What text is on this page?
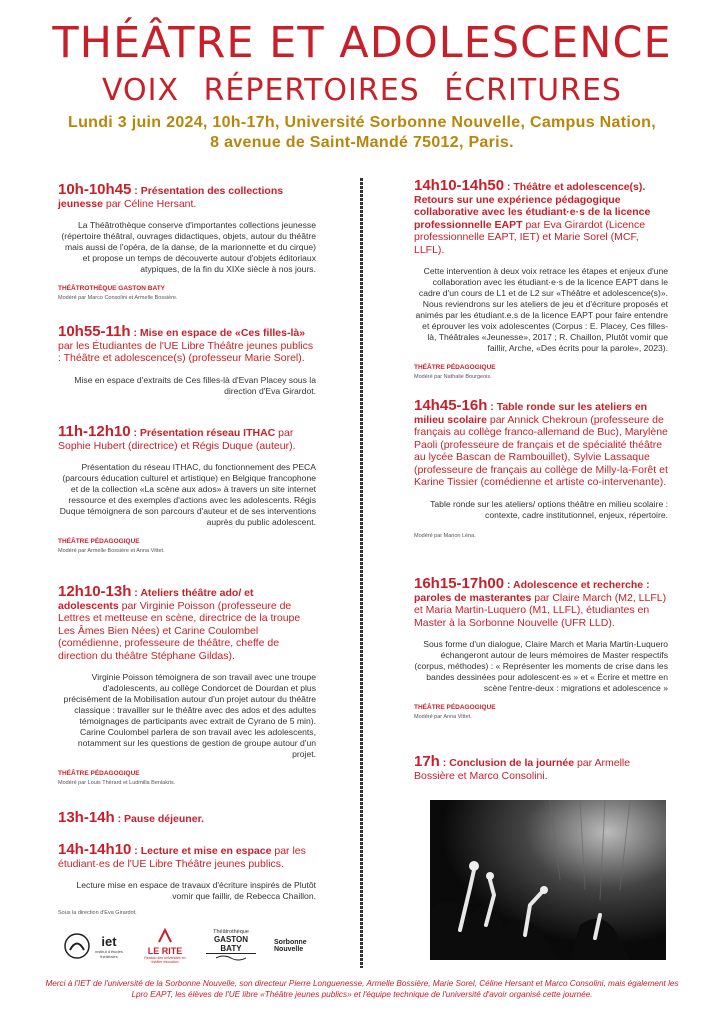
THÉÂTRE ET ADOLESCENCE
VOIX RÉPERTOIRES ÉCRITURES
Lundi 3 juin 2024, 10h-17h, Université Sorbonne Nouvelle, Campus Nation,
8 avenue de Saint-Mandé 75012, Paris.
10h-10h45 : Présentation des collections jeunesse par Céline Hersant.
La Théâtrothèque conserve d'importantes collections jeunesse (répertoire théâtral, ouvrages didactiques, objets, autour du théâtre mais aussi de l'opéra, de la danse, de la marionnette et du cirque) et propose un temps de découverte autour d'objets éditoriaux atypiques, de la fin du XIXe siècle à nos jours.
THÉÂTROTHÈQUE GASTON BATY
Modéré par Marco Consolini et Armelle Bossière.
10h55-11h : Mise en espace de «Ces filles-là» par les Étudiantes de l'UE Libre Théâtre jeunes publics : Théâtre et adolescence(s) (professeur Marie Sorel).
Mise en espace d'extraits de Ces filles-là d'Evan Placey sous la direction d'Eva Girardot.
11h-12h10 : Présentation réseau ITHAC par Sophie Hubert (directrice) et Régis Duque (auteur).
Présentation du réseau ITHAC, du fonctionnement des PECA (parcours éducation culturel et artistique) en Belgique francophone et de la collection «La scène aux ados» à travers un site internet ressource et des exemples d'actions avec les adolescents. Régis Duque témoignera de son parcours d'auteur et de ses interventions auprès du public adolescent.
THÉÂTRE PÉDAGOGIQUE
Modéré par Armelle Bossière et Anna Vittet.
12h10-13h : Ateliers théâtre ado/ et adolescents par Virginie Poisson (professeure de Lettres et metteuse en scène, directrice de la troupe Les Âmes Bien Nées) et Carine Coulombel (comédienne, professeure de théâtre, cheffe de direction du théâtre Stéphane Gildas).
Virginie Poisson témoignera de son travail avec une troupe d'adolescents, au collège Condorcet de Dourdan et plus précisément de la Mobilisation autour d'un projet autour du théâtre classique : travailler sur le théâtre avec des ados et des adultes témoignages de participants avec extrait de Cyrano de 5 min). Carine Coulombel parlera de son travail avec les adolescents, notamment sur les questions de gestion de groupe autour d'un projet.
THÉÂTRE PÉDAGOGIQUE
Modéré par Louis Thérard et Ludmilla Benlakris.
13h-14h : Pause déjeuner.
14h-14h10 : Lecture et mise en espace par les étudiant·es de l'UE Libre Théâtre jeunes publics.
Lecture mise en espace de travaux d'écriture inspirés de Plutôt vomir que faillir, de Rebecca Chaillon.
Sous la direction d'Eva Girardot.
14h10-14h50 : Théâtre et adolescence(s). Retours sur une expérience pédagogique collaborative avec les étudiant·e·s de la licence professionnelle EAPT par Eva Girardot (Licence professionnelle EAPT, IET) et Marie Sorel (MCF, LLFL).
Cette intervention à deux voix retrace les étapes et enjeux d'une collaboration avec les étudiant·e·s de la licence EAPT dans le cadre d'un cours de L1 et de L2 sur «Théâtre et adolescence(s)». Nous reviendrons sur les ateliers de jeu et d'écriture proposés et animés par les étudiant.e.s de la licence EAPT pour faire entendre et éprouver les voix adolescentes (Corpus : E. Placey, Ces filles-là, Théâtrales «Jeunesse», 2017 ; R. Chaillon, Plutôt vomir que faillir, Arche, «Des écrits pour la parole», 2023).
THÉÂTRE PÉDAGOGIQUE
Modéré par Nathalie Bourgeois.
14h45-16h : Table ronde sur les ateliers en milieu scolaire par Annick Chekroun (professeure de français au collège franco-allemand de Buc), Marylène Paoli (professeure de français et de spécialité théâtre au lycée Bascan de Rambouillet), Sylvie Lassaque (professeure de français au collège de Milly-la-Forêt et Karine Tissier (comédienne et artiste co-intervenante).
Table ronde sur les ateliers/ options théâtre en milieu scolaire : contexte, cadre institutionnel, enjeux, répertoire.
Modéré par Marion Léna.
16h15-17h00 : Adolescence et recherche : paroles de masterantes par Claire March (M2, LLFL) et Maria Martin-Luquero (M1, LLFL), étudiantes en Master à la Sorbonne Nouvelle (UFR LLD).
Sous forme d'un dialogue, Claire March et Maria Martin-Luquero échangeront autour de leurs mémoires de Master respectifs (corpus, méthodes) : « Représenter les moments de crise dans les bandes dessinées pour adolescent·es » et « Écrire et mettre en scène l'entre-deux : migrations et adolescence »
THÉÂTRE PÉDAGOGIQUE
Modéré par Anna Vittet.
17h : Conclusion de la journée par Armelle Bossière et Marco Consolini.
iet
institut d'études théâtrales	LE RITE
Réseau des universités en théâtre éducation
Théâtrothèque
GASTON BATY
Sorbonne Nouvelle
Merci à l'IET de l'université de la Sorbonne Nouvelle, son directeur Pierre Longuenesse, Armelle Bossière, Marie Sorel, Céline Hersant et Marco Consolini, mais également les Lpro EAPT, les élèves de l'UE libre «Théâtre jeunes publics» et l'équipe technique de l'université d'avoir organisé cette journée.
